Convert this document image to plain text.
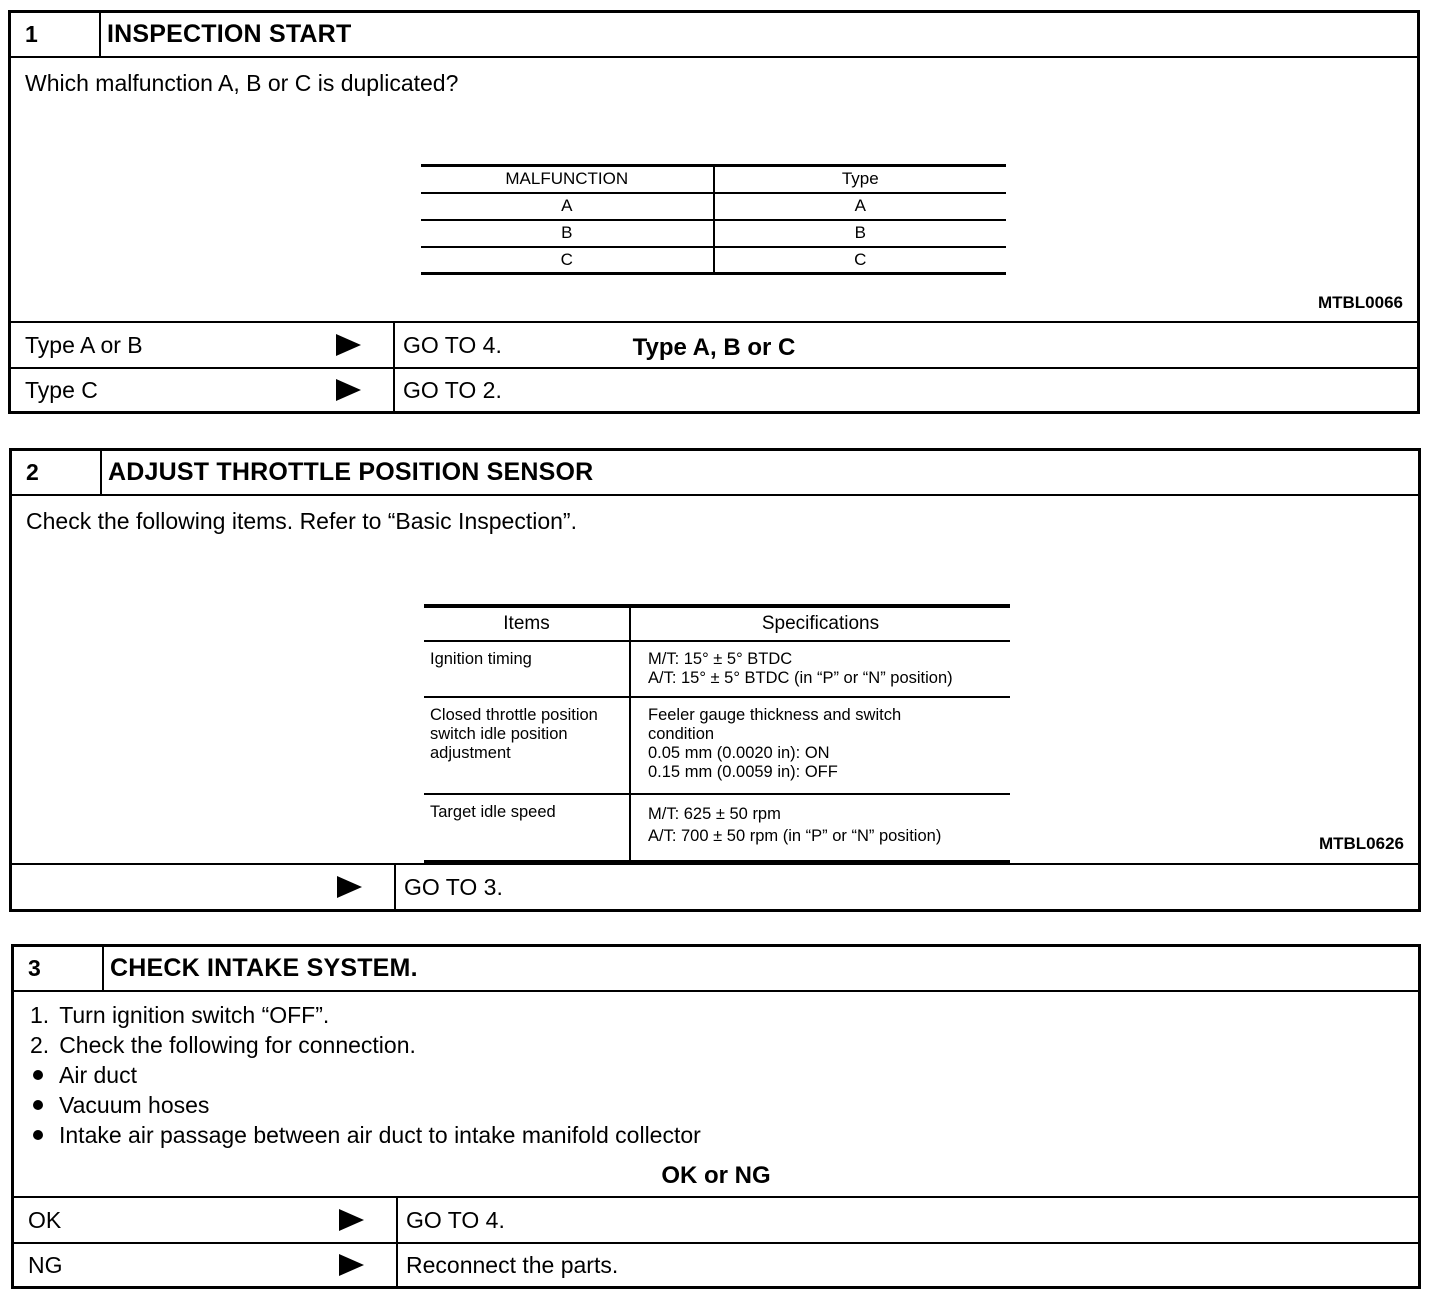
1	INSPECTION START
Which malfunction A, B or C is duplicated?
MALFUNCTION	Type
A	A
B	B
C	C
MTBL0066
Type A, B or C
Type A or B	GO TO 4.
Type C	GO TO 2.
2	ADJUST THROTTLE POSITION SENSOR
Check the following items. Refer to “Basic Inspection”.
Items	Specifications

Ignition timing	M/T: 15° ± 5° BTDC
A/T: 15° ± 5° BTDC (in “P” or “N” position)

Closed throttle position
switch idle position
adjustment	Feeler gauge thickness and switch
condition
0.05 mm (0.0020 in): ON
0.15 mm (0.0059 in): OFF

Target idle speed	M/T: 625 ± 50 rpm
A/T: 700 ± 50 rpm (in “P” or “N” position)	MTBL0626
GO TO 3.
3	CHECK INTAKE SYSTEM.
1. Turn ignition switch “OFF”.
2. Check the following for connection.
Air duct
Vacuum hoses
Intake air passage between air duct to intake manifold collector
OK or NG
OK	GO TO 4.
NG	Reconnect the parts.
